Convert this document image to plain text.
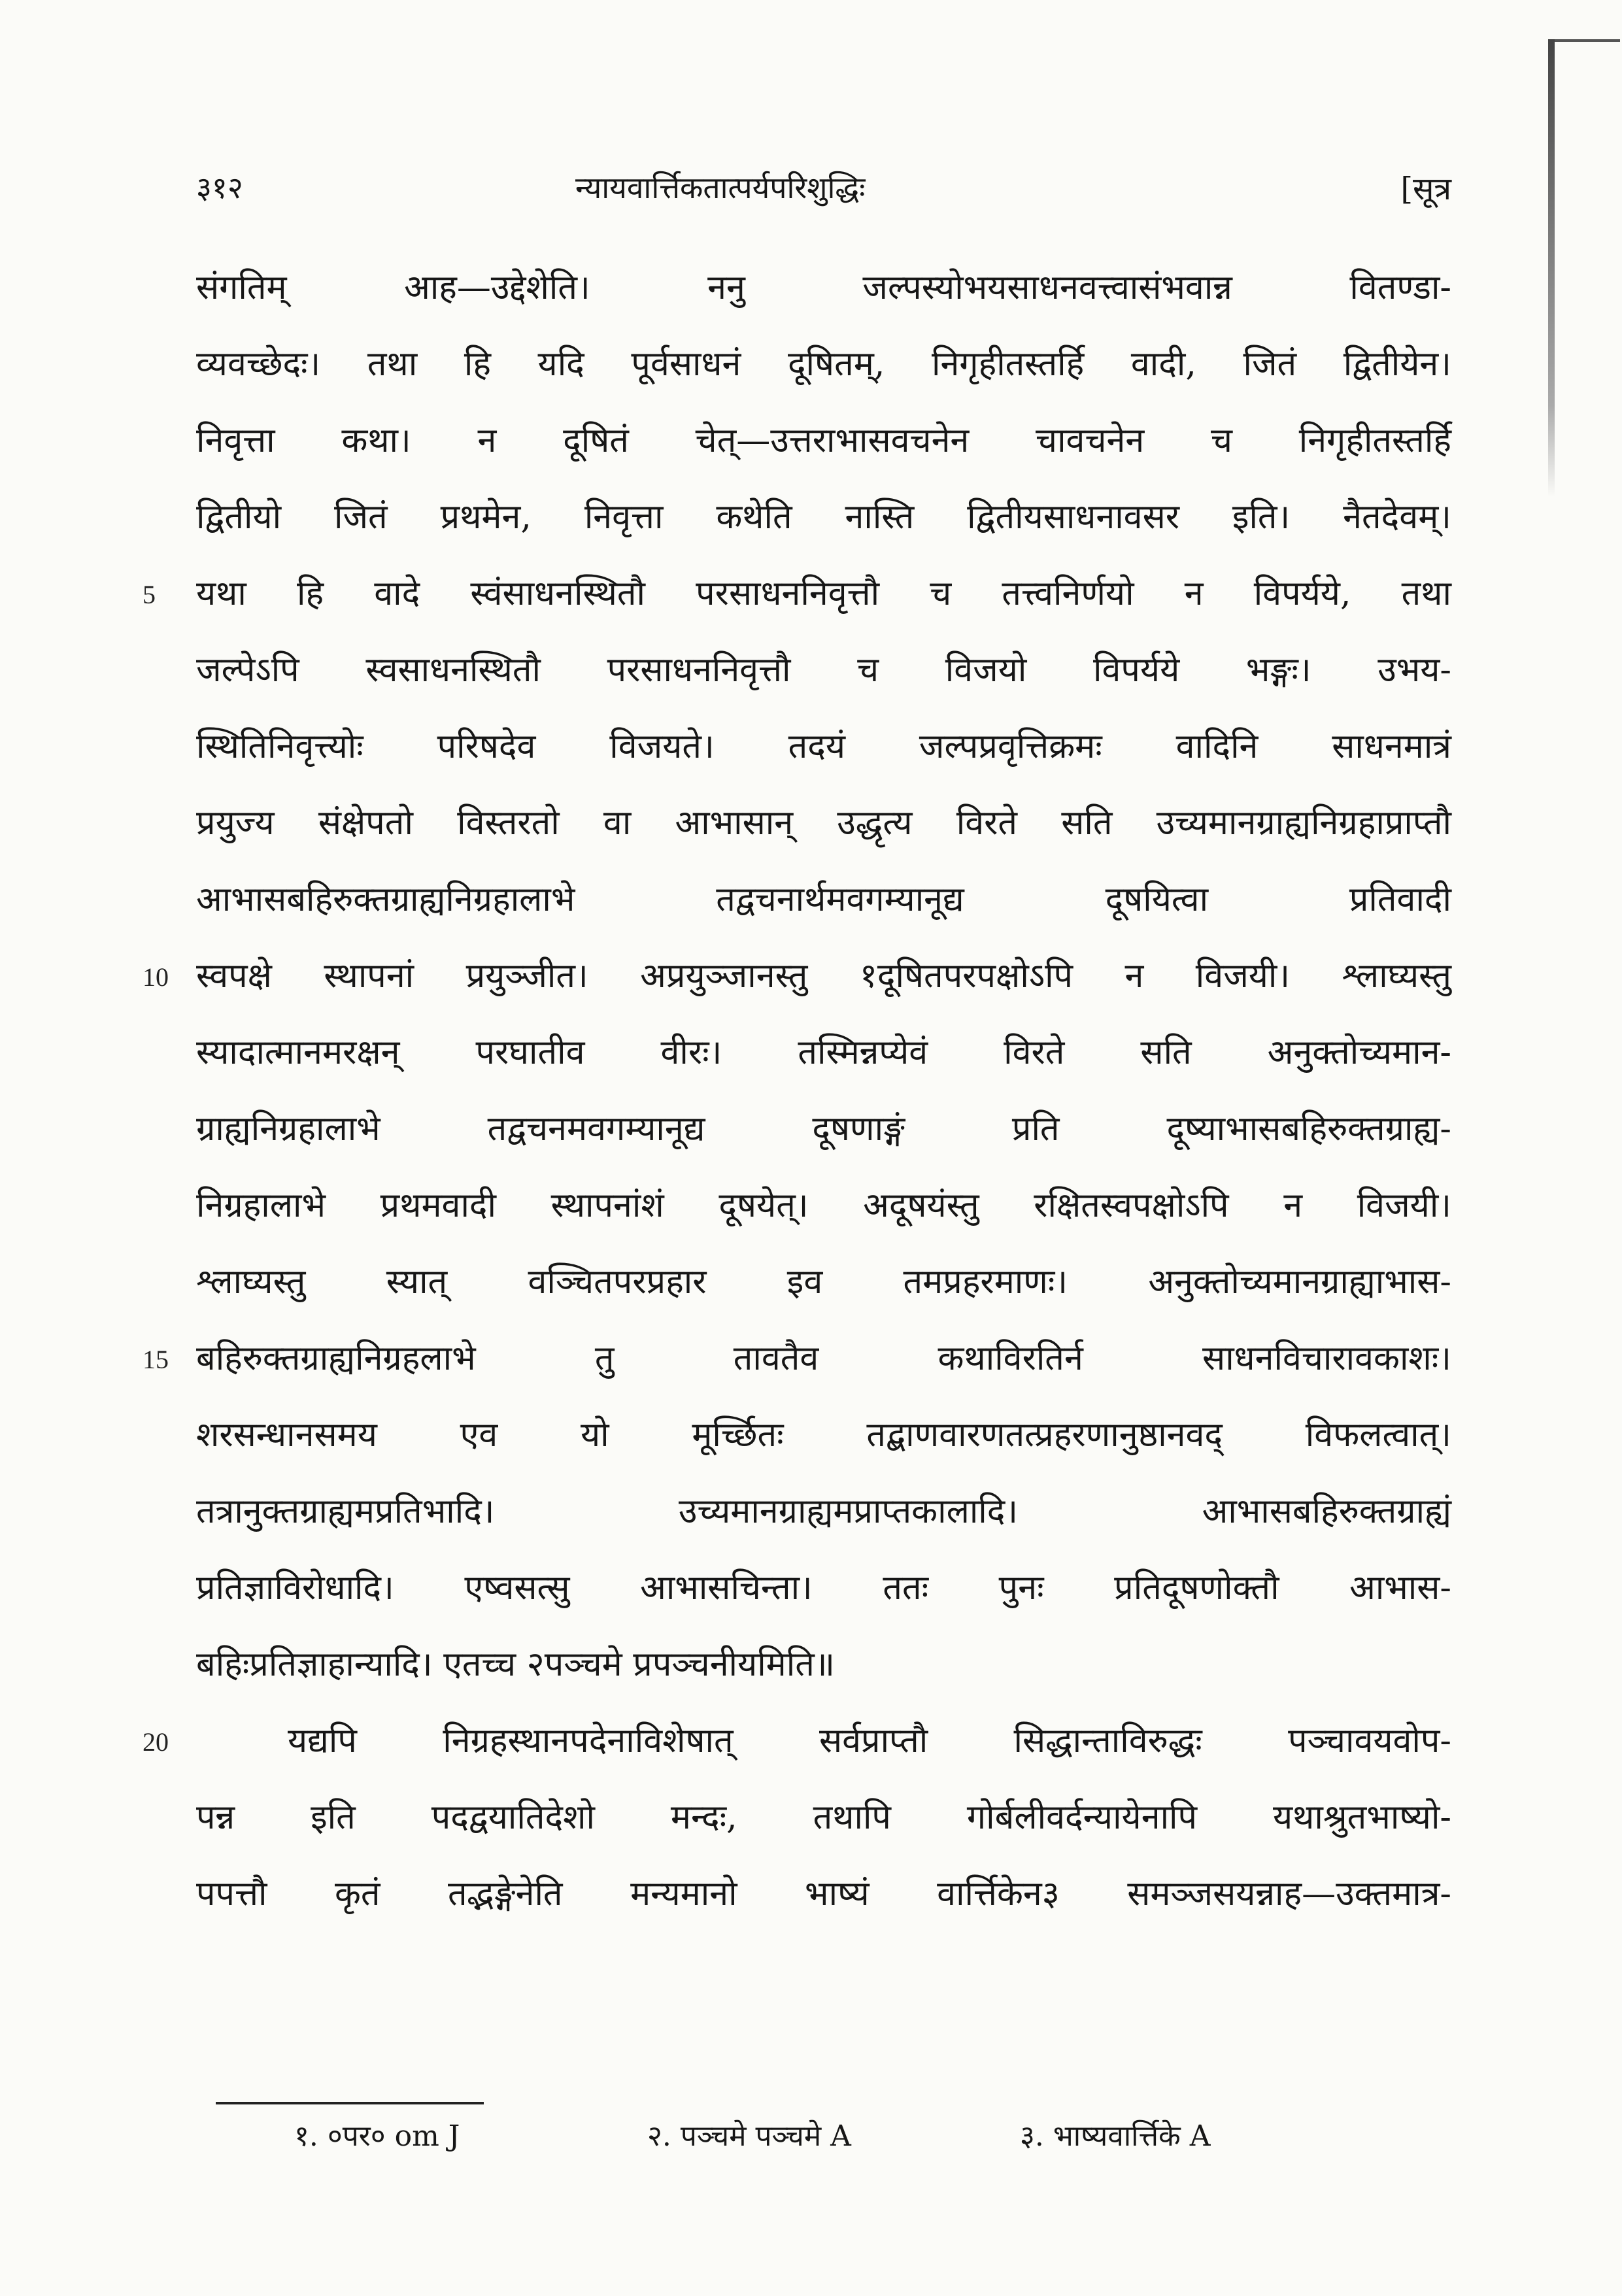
३१२	न्यायवार्त्तिकतात्पर्यपरिशुद्धिः	[सूत्र
संगतिम् आह—उद्देशेति। ननु जल्पस्योभयसाधनवत्त्वासंभवान्न वितण्डा-
व्यवच्छेदः। तथा हि यदि पूर्वसाधनं दूषितम्, निगृहीतस्तर्हि वादी, जितं द्वितीयेन।
निवृत्ता कथा। न दूषितं चेत्—उत्तराभासवचनेन चावचनेन च निगृहीतस्तर्हि
द्वितीयो जितं प्रथमेन, निवृत्ता कथेति नास्ति द्वितीयसाधनावसर इति। नैतदेवम्।
यथा हि वादे स्वंसाधनस्थितौ परसाधननिवृत्तौ च तत्त्वनिर्णयो न विपर्यये, तथा
जल्पेऽपि स्वसाधनस्थितौ परसाधननिवृत्तौ च विजयो विपर्यये भङ्गः। उभय-
स्थितिनिवृत्त्योः परिषदेव विजयते। तदयं जल्पप्रवृत्तिक्रमः वादिनि साधनमात्रं
प्रयुज्य संक्षेपतो विस्तरतो वा आभासान् उद्धृत्य विरते सति उच्यमानग्राह्यनिग्रहाप्राप्तौ
आभासबहिरुक्तग्राह्यनिग्रहालाभे तद्वचनार्थमवगम्यानूद्य दूषयित्वा प्रतिवादी
स्वपक्षे स्थापनां प्रयुञ्जीत। अप्रयुञ्जानस्तु १दूषितपरपक्षोऽपि न विजयी। श्लाघ्यस्तु
स्यादात्मानमरक्षन् परघातीव वीरः। तस्मिन्नप्येवं विरते सति अनुक्तोच्यमान-
ग्राह्यनिग्रहालाभे तद्वचनमवगम्यानूद्य दूषणाङ्गं प्रति दूष्याभासबहिरुक्तग्राह्य-
निग्रहालाभे प्रथमवादी स्थापनांशं दूषयेत्। अदूषयंस्तु रक्षितस्वपक्षोऽपि न विजयी।
श्लाघ्यस्तु स्यात् वञ्चितपरप्रहार इव तमप्रहरमाणः। अनुक्तोच्यमानग्राह्याभास-
बहिरुक्तग्राह्यनिग्रहलाभे तु तावतैव कथाविरतिर्न साधनविचारावकाशः।
शरसन्धानसमय एव यो मूर्च्छितः तद्बाणवारणतत्प्रहरणानुष्ठानवद् विफलत्वात्।
तत्रानुक्तग्राह्यमप्रतिभादि। उच्यमानग्राह्यमप्राप्तकालादि। आभासबहिरुक्तग्राह्यं
प्रतिज्ञाविरोधादि। एष्वसत्सु आभासचिन्ता। ततः पुनः प्रतिदूषणोक्तौ आभास-
बहिःप्रतिज्ञाहान्यादि। एतच्च २पञ्चमे प्रपञ्चनीयमिति॥
यद्यपि निग्रहस्थानपदेनाविशेषात् सर्वप्राप्तौ सिद्धान्ताविरुद्धः पञ्चावयवोप-
पन्न इति पदद्वयातिदेशो मन्दः, तथापि गोर्बलीवर्दन्यायेनापि यथाश्रुतभाष्यो-
पपत्तौ कृतं तद्भङ्गेनेति मन्यमानो भाष्यं वार्त्तिकेन३ समञ्जसयन्नाह—उक्तमात्र-
5
10
15
20
१. ०पर० om J	२. पञ्चमे पञ्चमे A	३. भाष्यवार्त्तिके A
